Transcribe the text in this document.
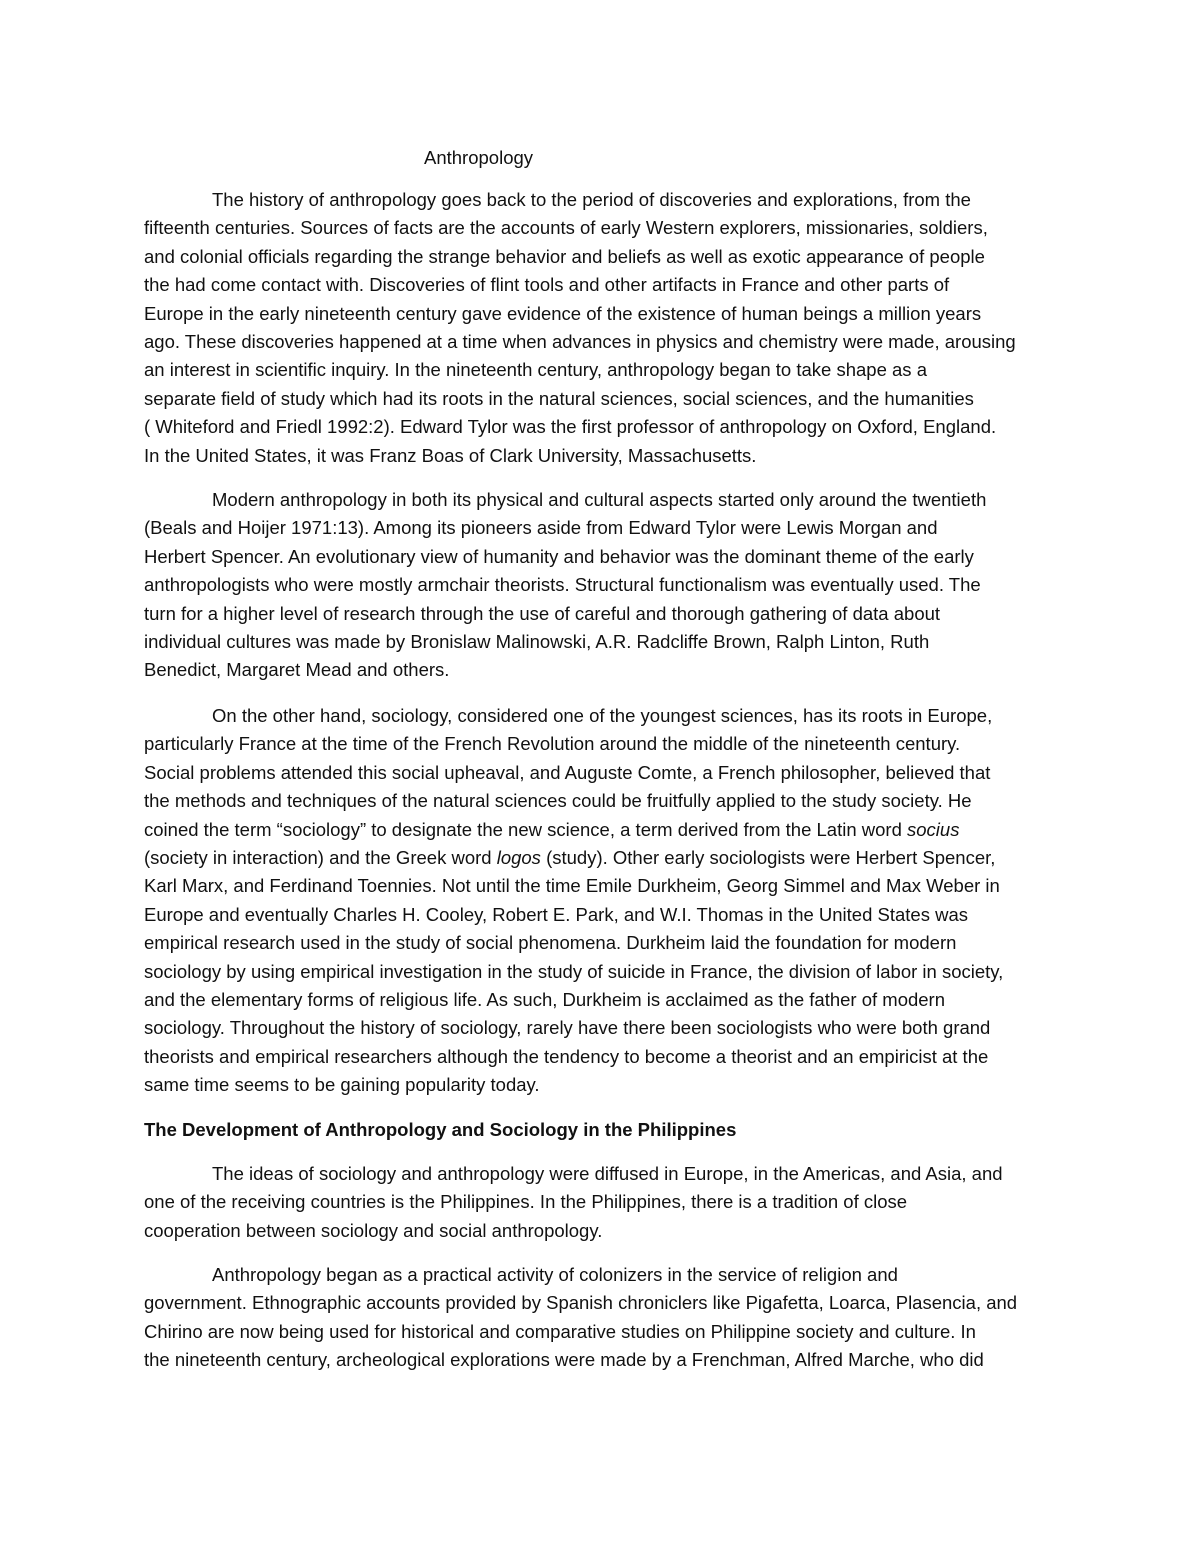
Anthropology
The history of anthropology goes back to the period of discoveries and explorations, from the
fifteenth centuries. Sources of facts are the accounts of early Western explorers, missionaries, soldiers,
and colonial officials regarding the strange behavior and beliefs as well as exotic appearance of people
the had come contact with. Discoveries of flint tools and other artifacts in France and other parts of
Europe in the early nineteenth century gave evidence of the existence of human beings a million years
ago. These discoveries happened at a time when advances in physics and chemistry were made, arousing
an interest in scientific inquiry. In the nineteenth century, anthropology began to take shape as a
separate field of study which had its roots in the natural sciences, social sciences, and the humanities
( Whiteford and Friedl 1992:2). Edward Tylor was the first professor of anthropology on Oxford, England.
In the United States, it was Franz Boas of Clark University, Massachusetts.
Modern anthropology in both its physical and cultural aspects started only around the twentieth
(Beals and Hoijer 1971:13). Among its pioneers aside from Edward Tylor were Lewis Morgan and
Herbert Spencer. An evolutionary view of humanity and behavior was the dominant theme of the early
anthropologists who were mostly armchair theorists. Structural functionalism was eventually used. The
turn for a higher level of research through the use of careful and thorough gathering of data about
individual cultures was made by Bronislaw Malinowski, A.R. Radcliffe Brown, Ralph Linton, Ruth
Benedict, Margaret Mead and others.
On the other hand, sociology, considered one of the youngest sciences, has its roots in Europe,
particularly France at the time of the French Revolution around the middle of the nineteenth century.
Social problems attended this social upheaval, and Auguste Comte, a French philosopher, believed that
the methods and techniques of the natural sciences could be fruitfully applied to the study society. He
coined the term “sociology” to designate the new science, a term derived from the Latin word socius
(society in interaction) and the Greek word logos (study). Other early sociologists were Herbert Spencer,
Karl Marx, and Ferdinand Toennies. Not until the time Emile Durkheim, Georg Simmel and Max Weber in
Europe and eventually Charles H. Cooley, Robert E. Park, and W.I. Thomas in the United States was
empirical research used in the study of social phenomena. Durkheim laid the foundation for modern
sociology by using empirical investigation in the study of suicide in France, the division of labor in society,
and the elementary forms of religious life. As such, Durkheim is acclaimed as the father of modern
sociology. Throughout the history of sociology, rarely have there been sociologists who were both grand
theorists and empirical researchers although the tendency to become a theorist and an empiricist at the
same time seems to be gaining popularity today.
The Development of Anthropology and Sociology in the Philippines
The ideas of sociology and anthropology were diffused in Europe, in the Americas, and Asia, and
one of the receiving countries is the Philippines. In the Philippines, there is a tradition of close
cooperation between sociology and social anthropology.
Anthropology began as a practical activity of colonizers in the service of religion and
government. Ethnographic accounts provided by Spanish chroniclers like Pigafetta, Loarca, Plasencia, and
Chirino are now being used for historical and comparative studies on Philippine society and culture. In
the nineteenth century, archeological explorations were made by a Frenchman, Alfred Marche, who did
